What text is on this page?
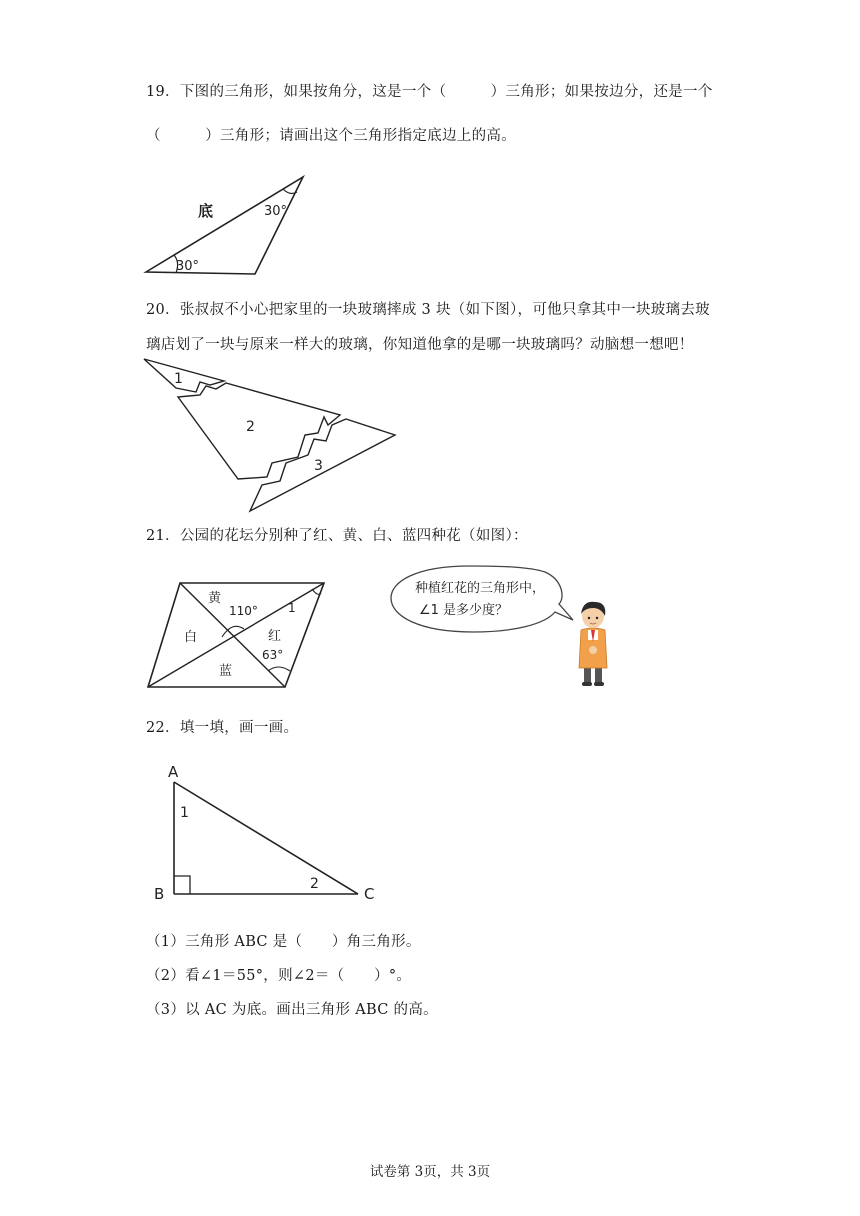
19．下图的三角形，如果按角分，这是一个（　　　）三角形；如果按边分，还是一个
（　　　）三角形；请画出这个三角形指定底边上的高。
底	30°
30°
20．张叔叔不小心把家里的一块玻璃摔成 3 块（如下图），可他只拿其中一块玻璃去玻
璃店划了一块与原来一样大的玻璃，你知道他拿的是哪一块玻璃吗？动脑想一想吧！
1
2
3
21．公园的花坛分别种了红、黄、白、蓝四种花（如图）：
黄
110°	1
白	红
63°
蓝
种植红花的三角形中，
∠1 是多少度？
22．填一填，画一画。
A
B	C
1
2
（1）三角形 ABC 是（　　）角三角形。
（2）看∠1＝55°，则∠2＝（　　）°。
（3）以 AC 为底。画出三角形 ABC 的高。
试卷第 3页，共 3页
